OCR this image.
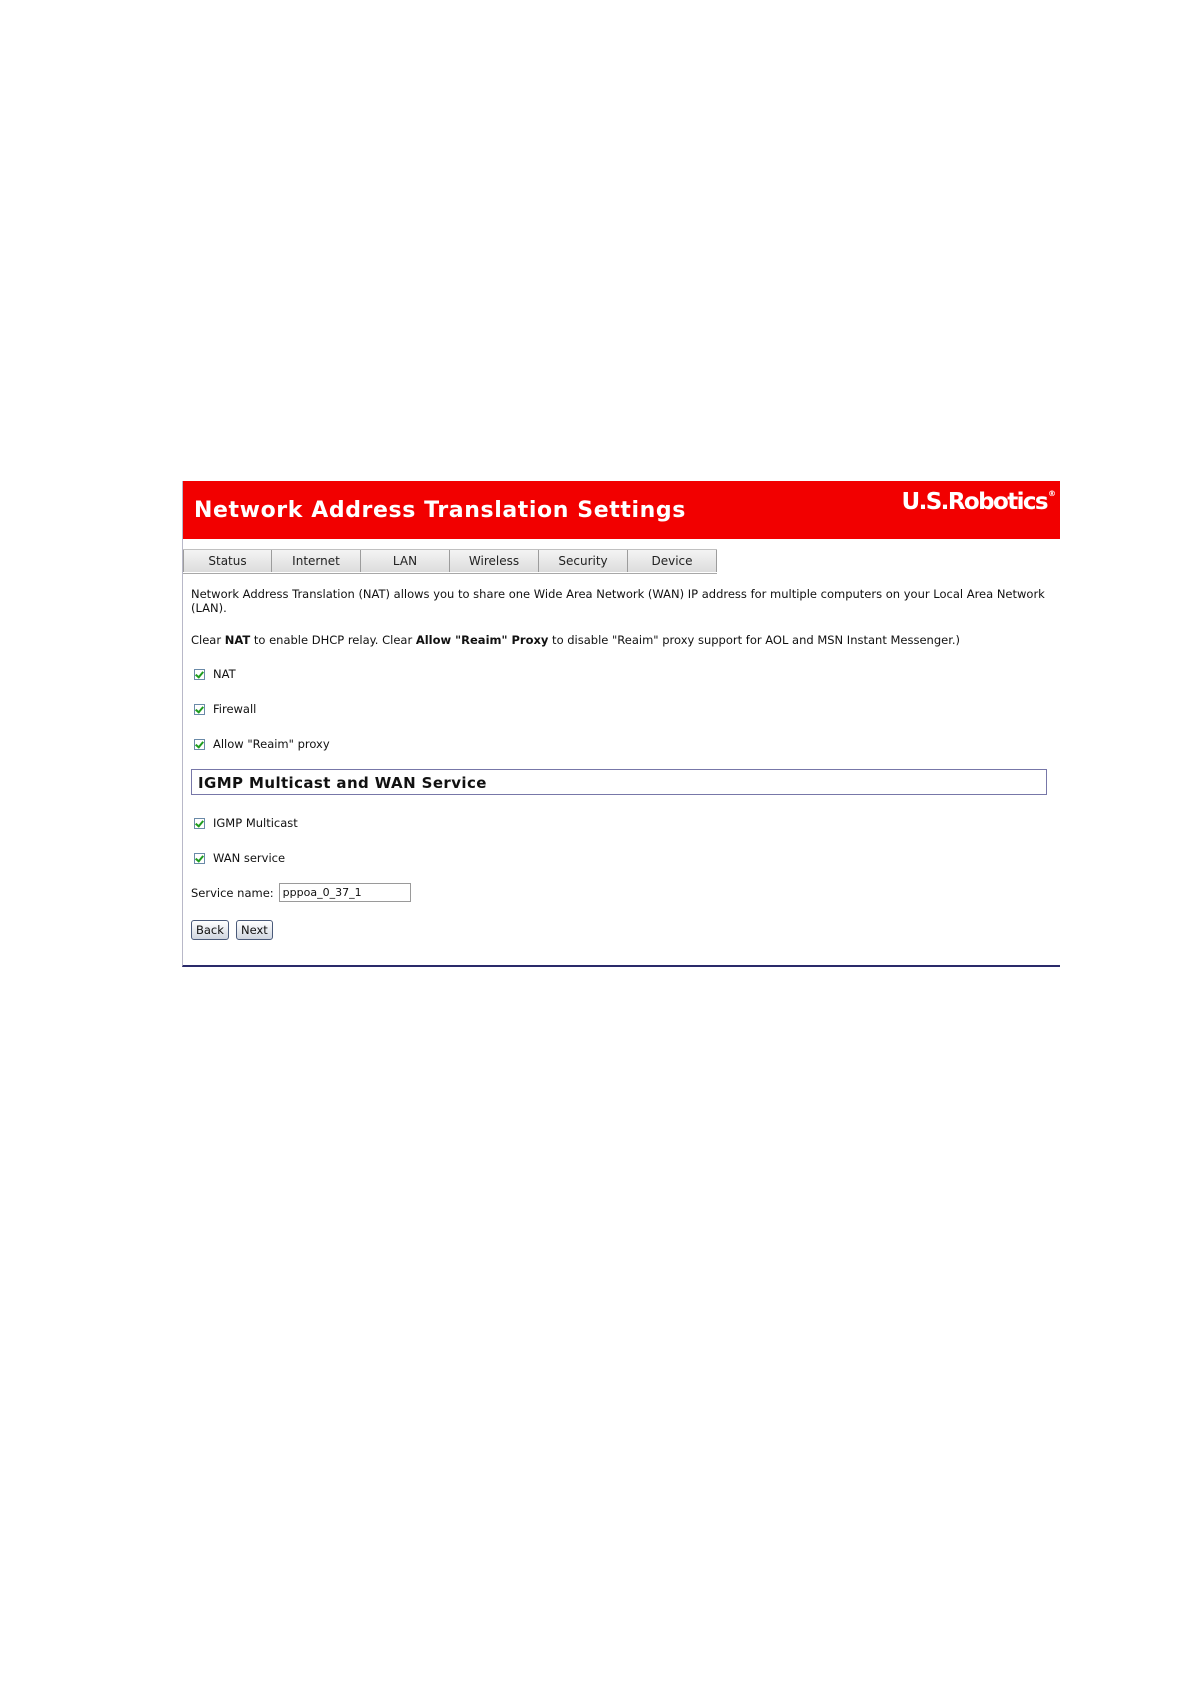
Network Address Translation Settings	U.S.Robotics®
Status	Internet	LAN	Wireless	Security	Device

Network Address Translation (NAT) allows you to share one Wide Area Network (WAN) IP address for multiple computers on your Local Area Network (LAN).

Clear NAT to enable DHCP relay. Clear Allow "Reaim" Proxy to disable "Reaim" proxy support for AOL and MSN Instant Messenger.)

NAT
Firewall
Allow "Reaim" proxy
IGMP Multicast and WAN Service
IGMP Multicast
WAN service
Service name:
pppoa_0_37_1
Back	Next
